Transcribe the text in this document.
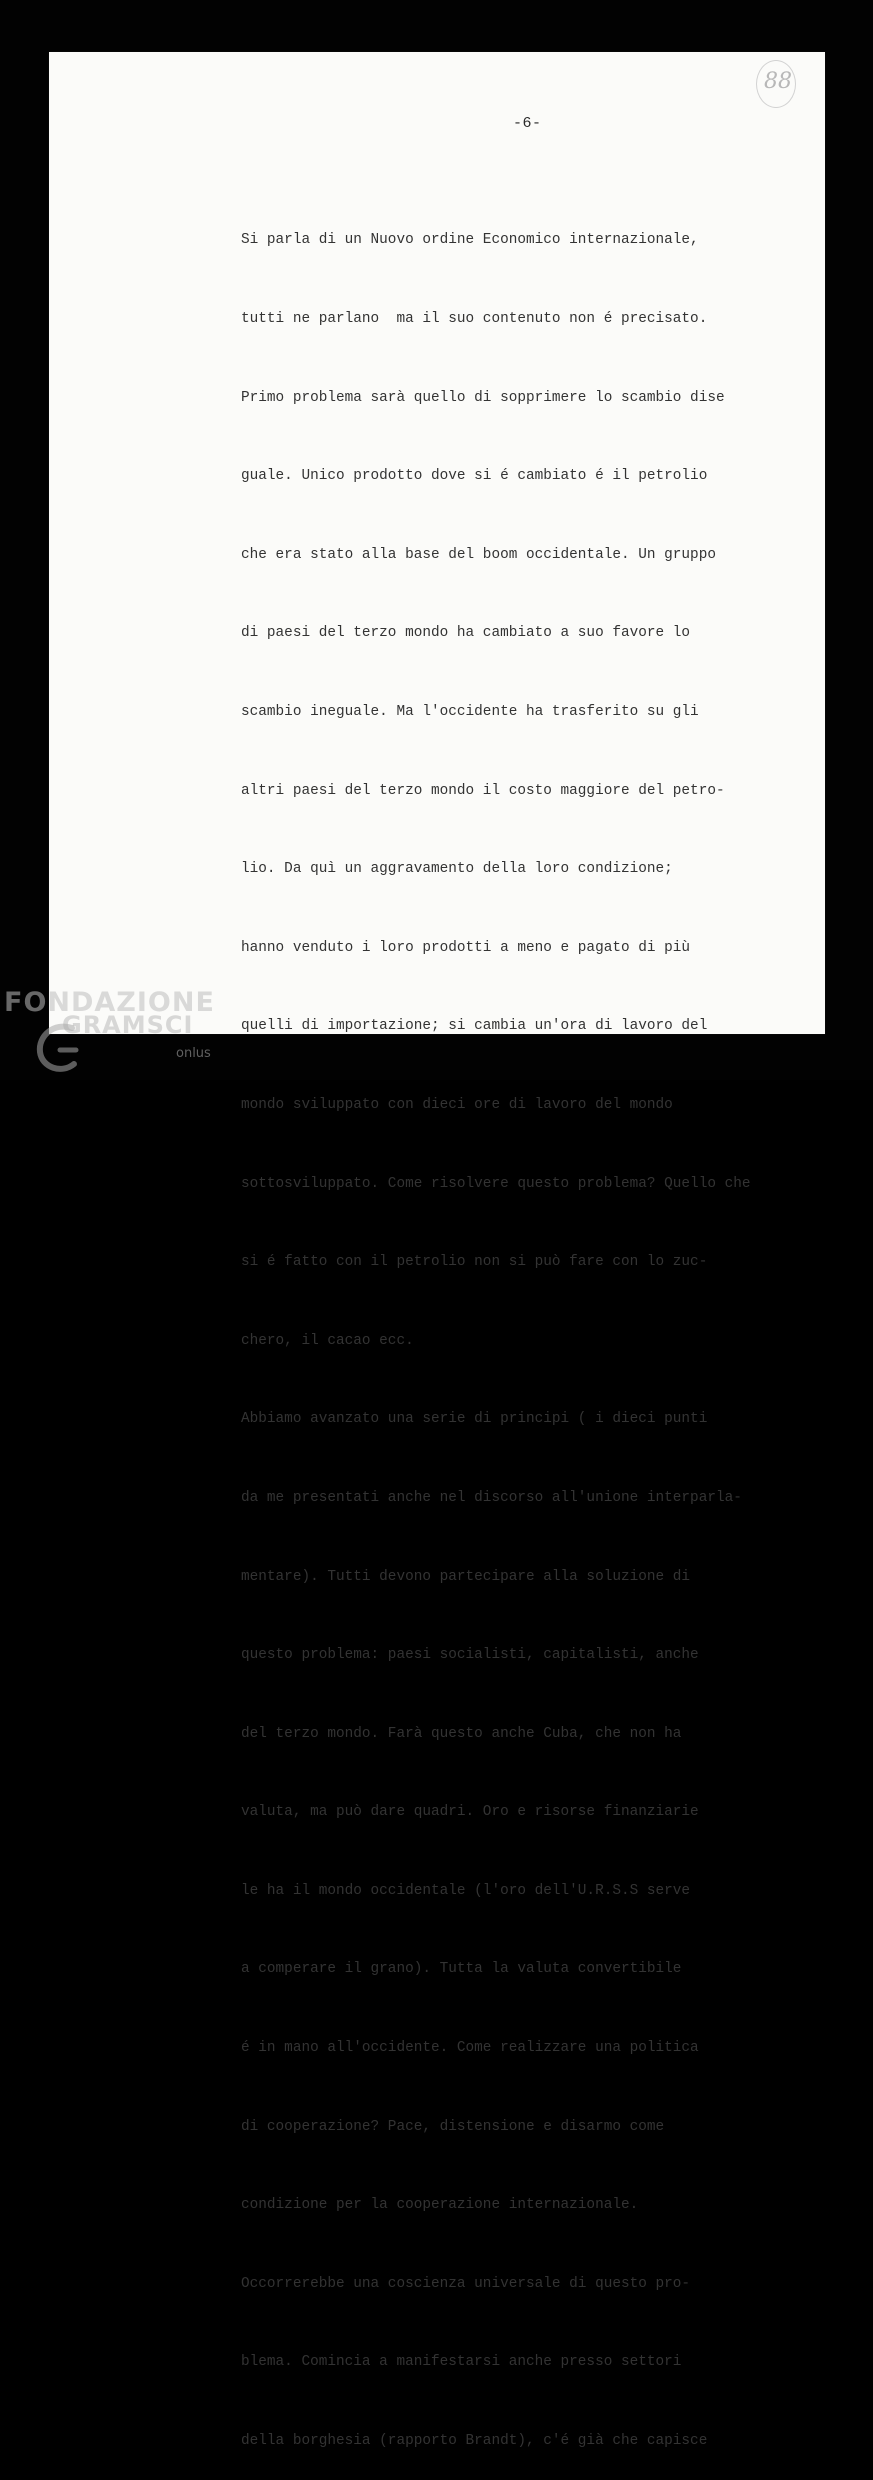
88
-6-

Si parla di un Nuovo ordine Economico internazionale,

tutti ne parlano  ma il suo contenuto non é precisato.

Primo problema sarà quello di sopprimere lo scambio dise

guale. Unico prodotto dove si é cambiato é il petrolio

che era stato alla base del boom occidentale. Un gruppo

di paesi del terzo mondo ha cambiato a suo favore lo

scambio ineguale. Ma l'occidente ha trasferito su gli

altri paesi del terzo mondo il costo maggiore del petro-

lio. Da quì un aggravamento della loro condizione;

hanno venduto i loro prodotti a meno e pagato di più

quelli di importazione; si cambia un'ora di lavoro del

mondo sviluppato con dieci ore di lavoro del mondo

sottosviluppato. Come risolvere questo problema? Quello che

si é fatto con il petrolio non si può fare con lo zuc-

chero, il cacao ecc.

Abbiamo avanzato una serie di principi ( i dieci punti

da me presentati anche nel discorso all'unione interparla-

mentare). Tutti devono partecipare alla soluzione di

questo problema: paesi socialisti, capitalisti, anche

del terzo mondo. Farà questo anche Cuba, che non ha

valuta, ma può dare quadri. Oro e risorse finanziarie

le ha il mondo occidentale (l'oro dell'U.R.S.S serve

a comperare il grano). Tutta la valuta convertibile

é in mano all'occidente. Come realizzare una politica

di cooperazione? Pace, distensione e disarmo come

condizione per la cooperazione internazionale.

Occorrerebbe una coscienza universale di questo pro-

blema. Comincia a manifestarsi anche presso settori

della borghesia (rapporto Brandt), c'é già che capisce

FONDAZIONE
GRAMSCI
onlus
